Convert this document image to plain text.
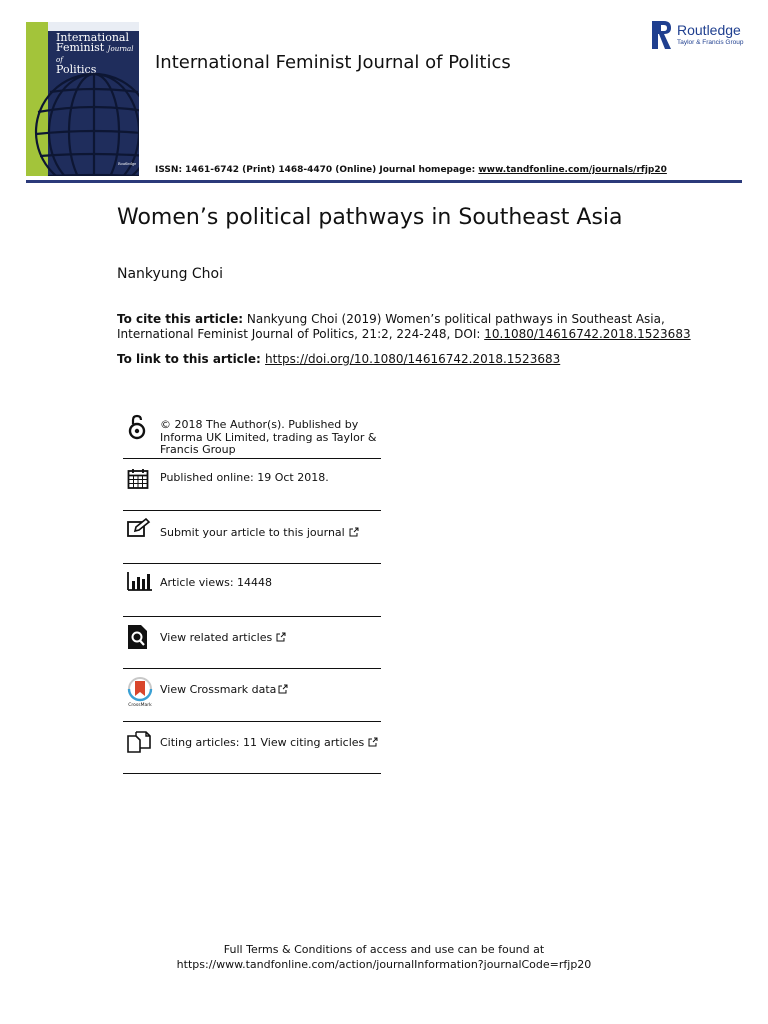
International
Feminist Journal of
Politics
Routledge
International Feminist Journal of Politics
Routledge
Taylor & Francis Group
ISSN: 1461-6742 (Print) 1468-4470 (Online) Journal homepage: www.tandfonline.com/journals/rfjp20
Women’s political pathways in Southeast Asia
Nankyung Choi
To cite this article: Nankyung Choi (2019) Women’s political pathways in Southeast Asia, International Feminist Journal of Politics, 21:2, 224-248, DOI: 10.1080/14616742.2018.1523683
To link to this article: https://doi.org/10.1080/14616742.2018.1523683
© 2018 The Author(s). Published by Informa UK Limited, trading as Taylor & Francis Group
Published online: 19 Oct 2018.
Submit your article to this journal
Article views: 14448
View related articles
CrossMark
View Crossmark data
Citing articles: 11 View citing articles
Full Terms & Conditions of access and use can be found at
https://www.tandfonline.com/action/journalInformation?journalCode=rfjp20
